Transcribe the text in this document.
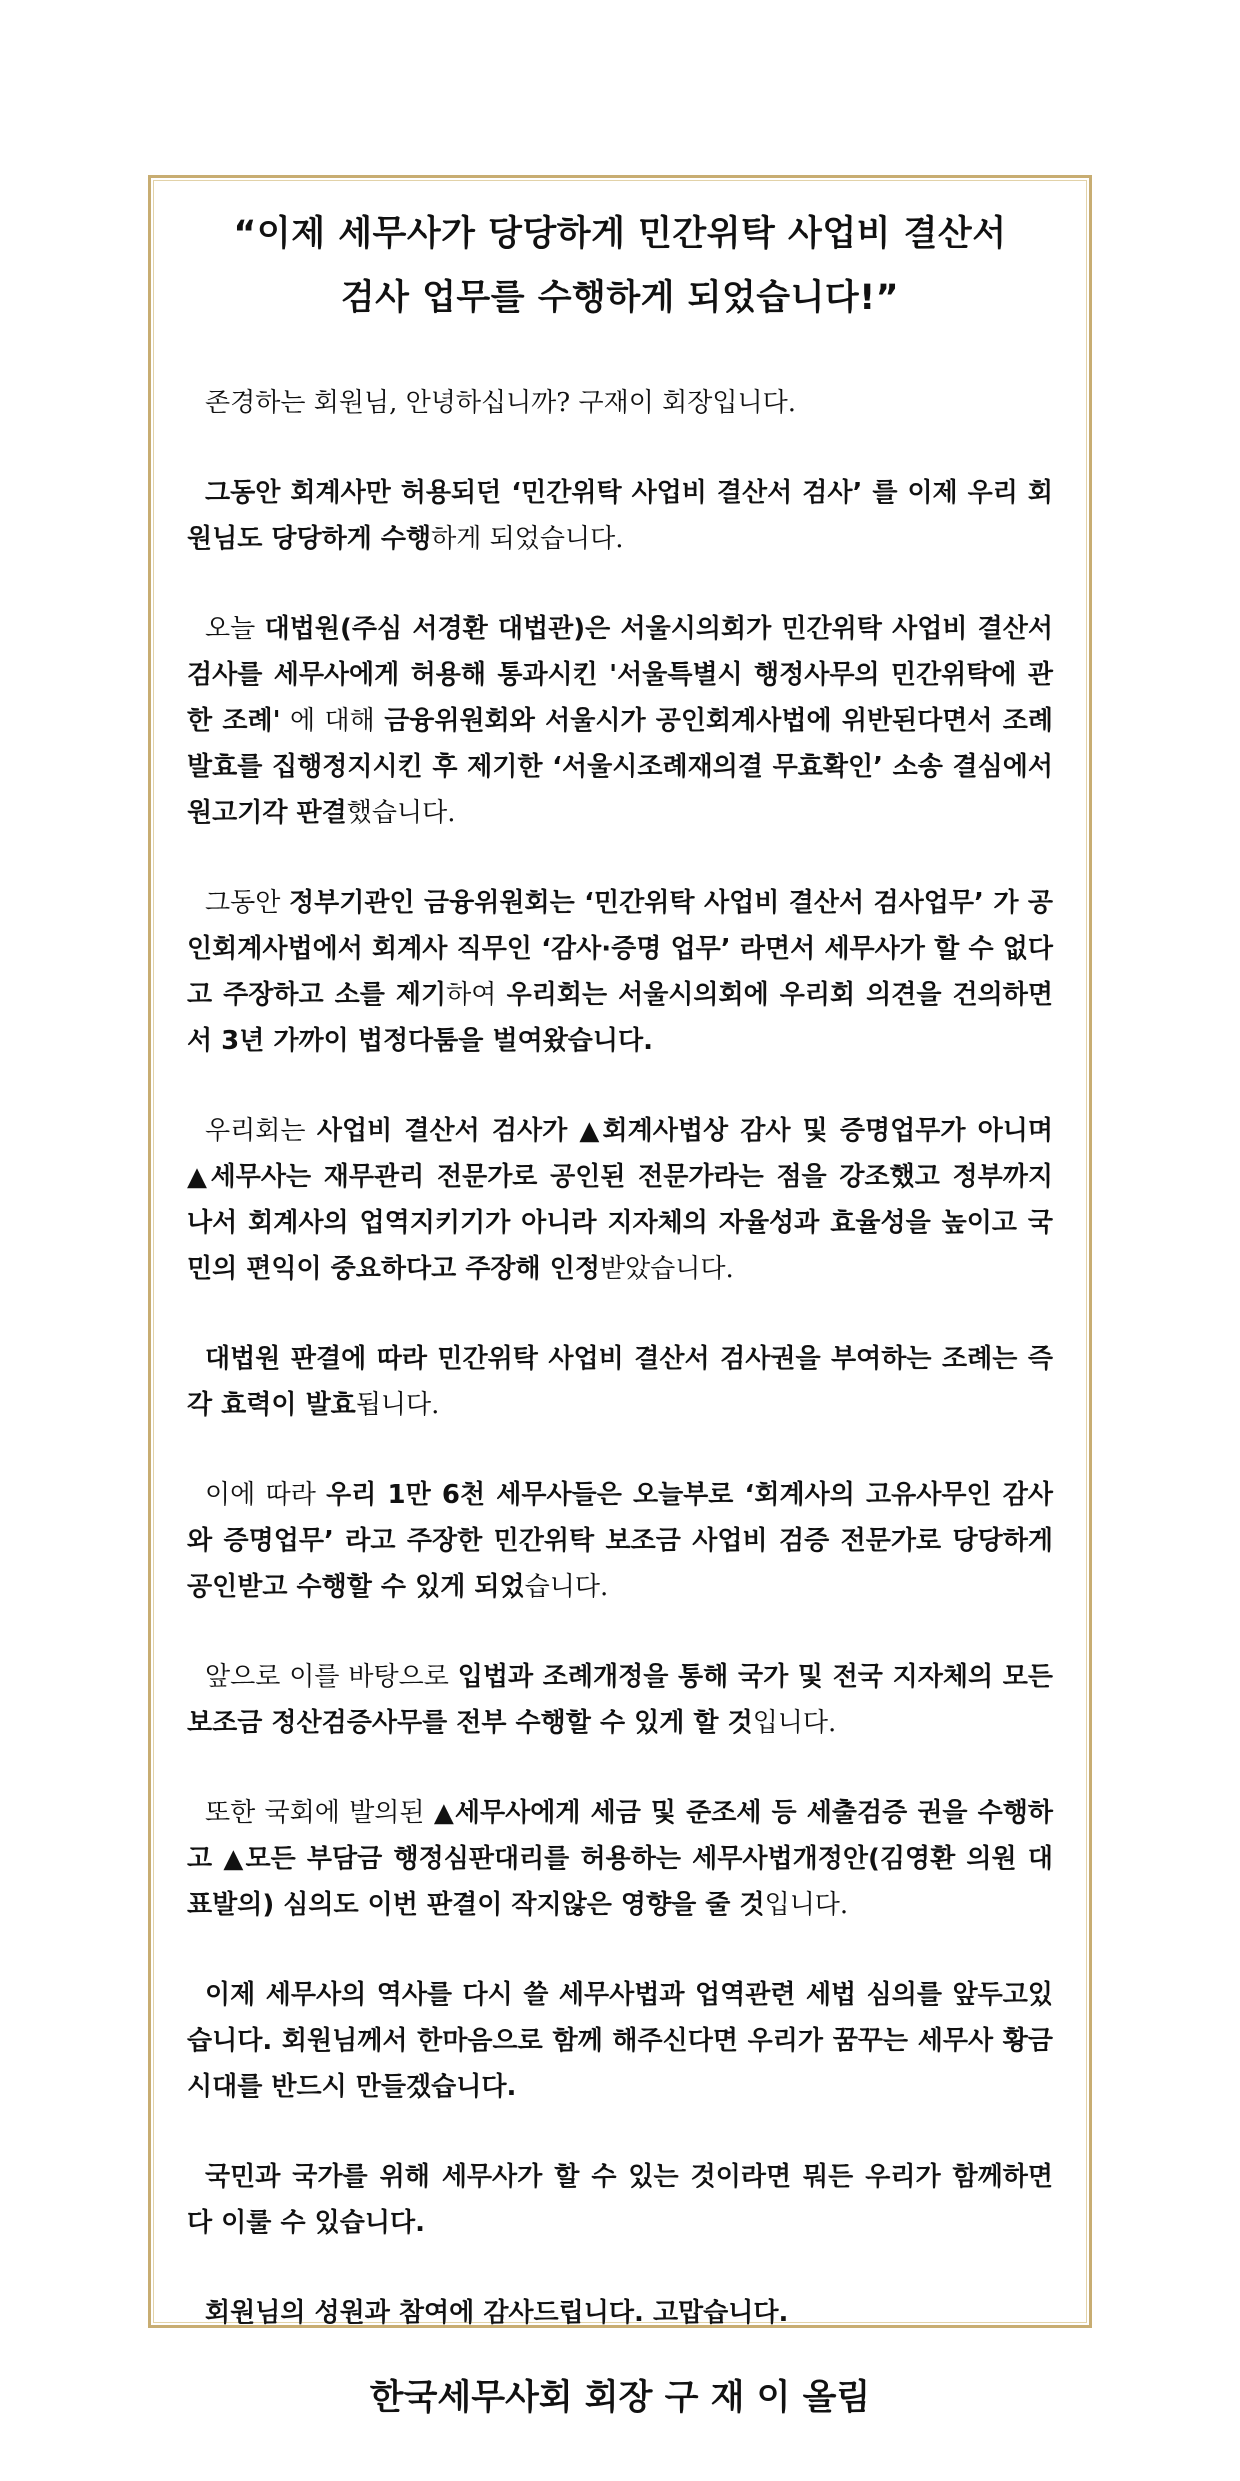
“이제 세무사가 당당하게 민간위탁 사업비 결산서
검사 업무를 수행하게 되었습니다!”

존경하는 회원님, 안녕하십니까? 구재이 회장입니다.

그동안 회계사만 허용되던 ‘민간위탁 사업비 결산서 검사’ 를 이제 우리 회원님도 당당하게 수행하게 되었습니다.

오늘 대법원(주심 서경환 대법관)은 서울시의회가 민간위탁 사업비 결산서 검사를 세무사에게 허용해 통과시킨 '서울특별시 행정사무의 민간위탁에 관한 조례' 에 대해 금융위원회와 서울시가 공인회계사법에 위반된다면서 조례 발효를 집행정지시킨 후 제기한 ‘서울시조례재의결 무효확인’ 소송 결심에서 원고기각 판결했습니다.

그동안 정부기관인 금융위원회는 ‘민간위탁 사업비 결산서 검사업무’ 가 공인회계사법에서 회계사 직무인 ‘감사·증명 업무’ 라면서 세무사가 할 수 없다고 주장하고 소를 제기하여 우리회는 서울시의회에 우리회 의견을 건의하면서 3년 가까이 법정다툼을 벌여왔습니다.

우리회는 사업비 결산서 검사가 ▲회계사법상 감사 및 증명업무가 아니며 ▲세무사는 재무관리 전문가로 공인된 전문가라는 점을 강조했고 정부까지 나서 회계사의 업역지키기가 아니라 지자체의 자율성과 효율성을 높이고 국민의 편익이 중요하다고 주장해 인정받았습니다.

대법원 판결에 따라 민간위탁 사업비 결산서 검사권을 부여하는 조례는 즉각 효력이 발효됩니다.

이에 따라 우리 1만 6천 세무사들은 오늘부로 ‘회계사의 고유사무인 감사와 증명업무’ 라고 주장한 민간위탁 보조금 사업비 검증 전문가로 당당하게 공인받고 수행할 수 있게 되었습니다.

앞으로 이를 바탕으로 입법과 조례개정을 통해 국가 및 전국 지자체의 모든 보조금 정산검증사무를 전부 수행할 수 있게 할 것입니다.

또한 국회에 발의된 ▲세무사에게 세금 및 준조세 등 세출검증 권을 수행하고 ▲모든 부담금 행정심판대리를 허용하는 세무사법개정안(김영환 의원 대표발의) 심의도 이번 판결이 작지않은 영향을 줄 것입니다.

이제 세무사의 역사를 다시 쓸 세무사법과 업역관련 세법 심의를 앞두고있습니다. 회원님께서 한마음으로 함께 해주신다면 우리가 꿈꾸는 세무사 황금 시대를 반드시 만들겠습니다.

국민과 국가를 위해 세무사가 할 수 있는 것이라면 뭐든 우리가 함께하면 다 이룰 수 있습니다.

회원님의 성원과 참여에 감사드립니다. 고맙습니다.

한국세무사회 회장 구 재 이 올림
